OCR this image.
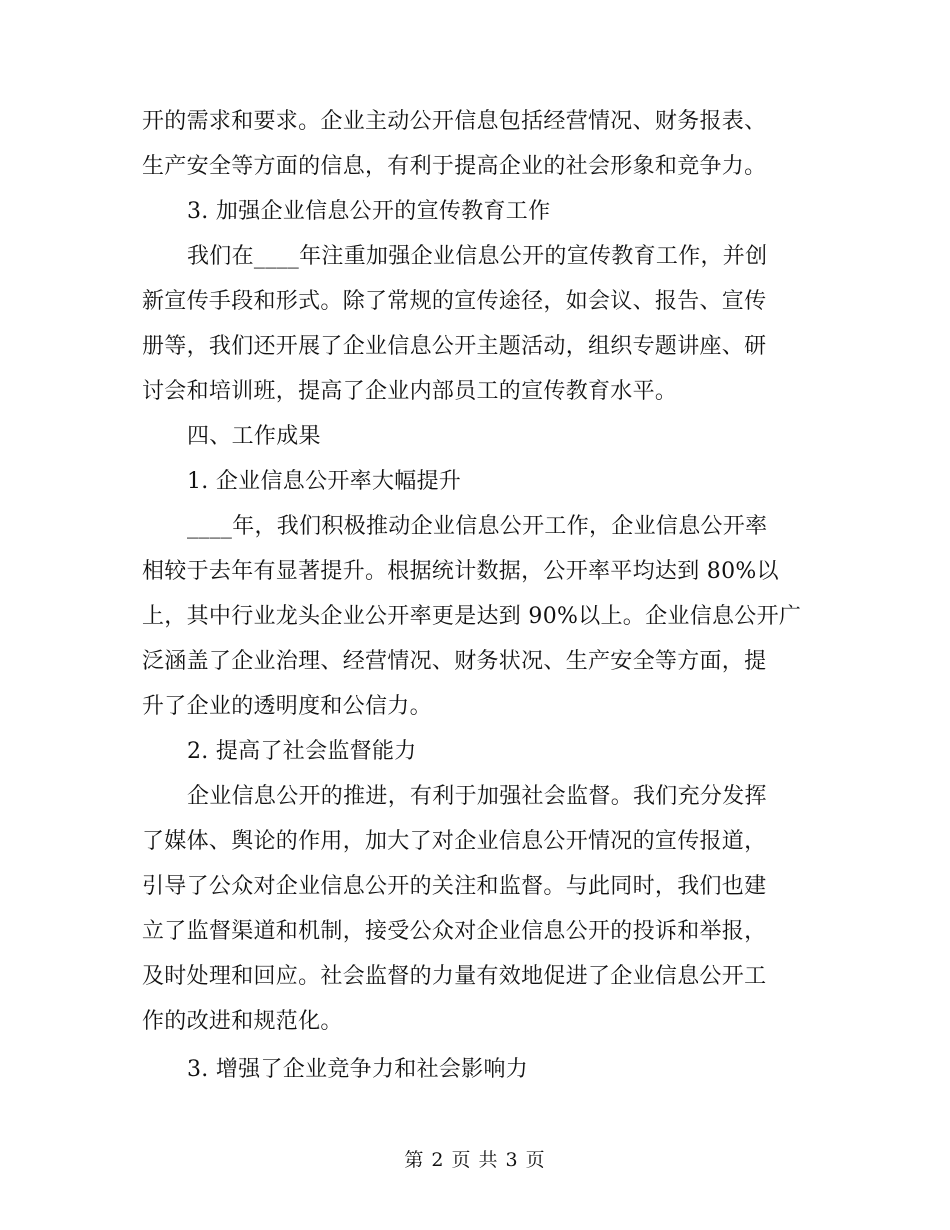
开的需求和要求。企业主动公开信息包括经营情况、财务报表、
生产安全等方面的信息，有利于提高企业的社会形象和竞争力。
3. 加强企业信息公开的宣传教育工作
我们在____年注重加强企业信息公开的宣传教育工作，并创
新宣传手段和形式。除了常规的宣传途径，如会议、报告、宣传
册等，我们还开展了企业信息公开主题活动，组织专题讲座、研
讨会和培训班，提高了企业内部员工的宣传教育水平。
四、工作成果
1. 企业信息公开率大幅提升
____年，我们积极推动企业信息公开工作，企业信息公开率
相较于去年有显著提升。根据统计数据，公开率平均达到 80%以
上，其中行业龙头企业公开率更是达到 90%以上。企业信息公开广
泛涵盖了企业治理、经营情况、财务状况、生产安全等方面，提
升了企业的透明度和公信力。
2. 提高了社会监督能力
企业信息公开的推进，有利于加强社会监督。我们充分发挥
了媒体、舆论的作用，加大了对企业信息公开情况的宣传报道，
引导了公众对企业信息公开的关注和监督。与此同时，我们也建
立了监督渠道和机制，接受公众对企业信息公开的投诉和举报，
及时处理和回应。社会监督的力量有效地促进了企业信息公开工
作的改进和规范化。
3. 增强了企业竞争力和社会影响力
第 2 页 共 3 页
